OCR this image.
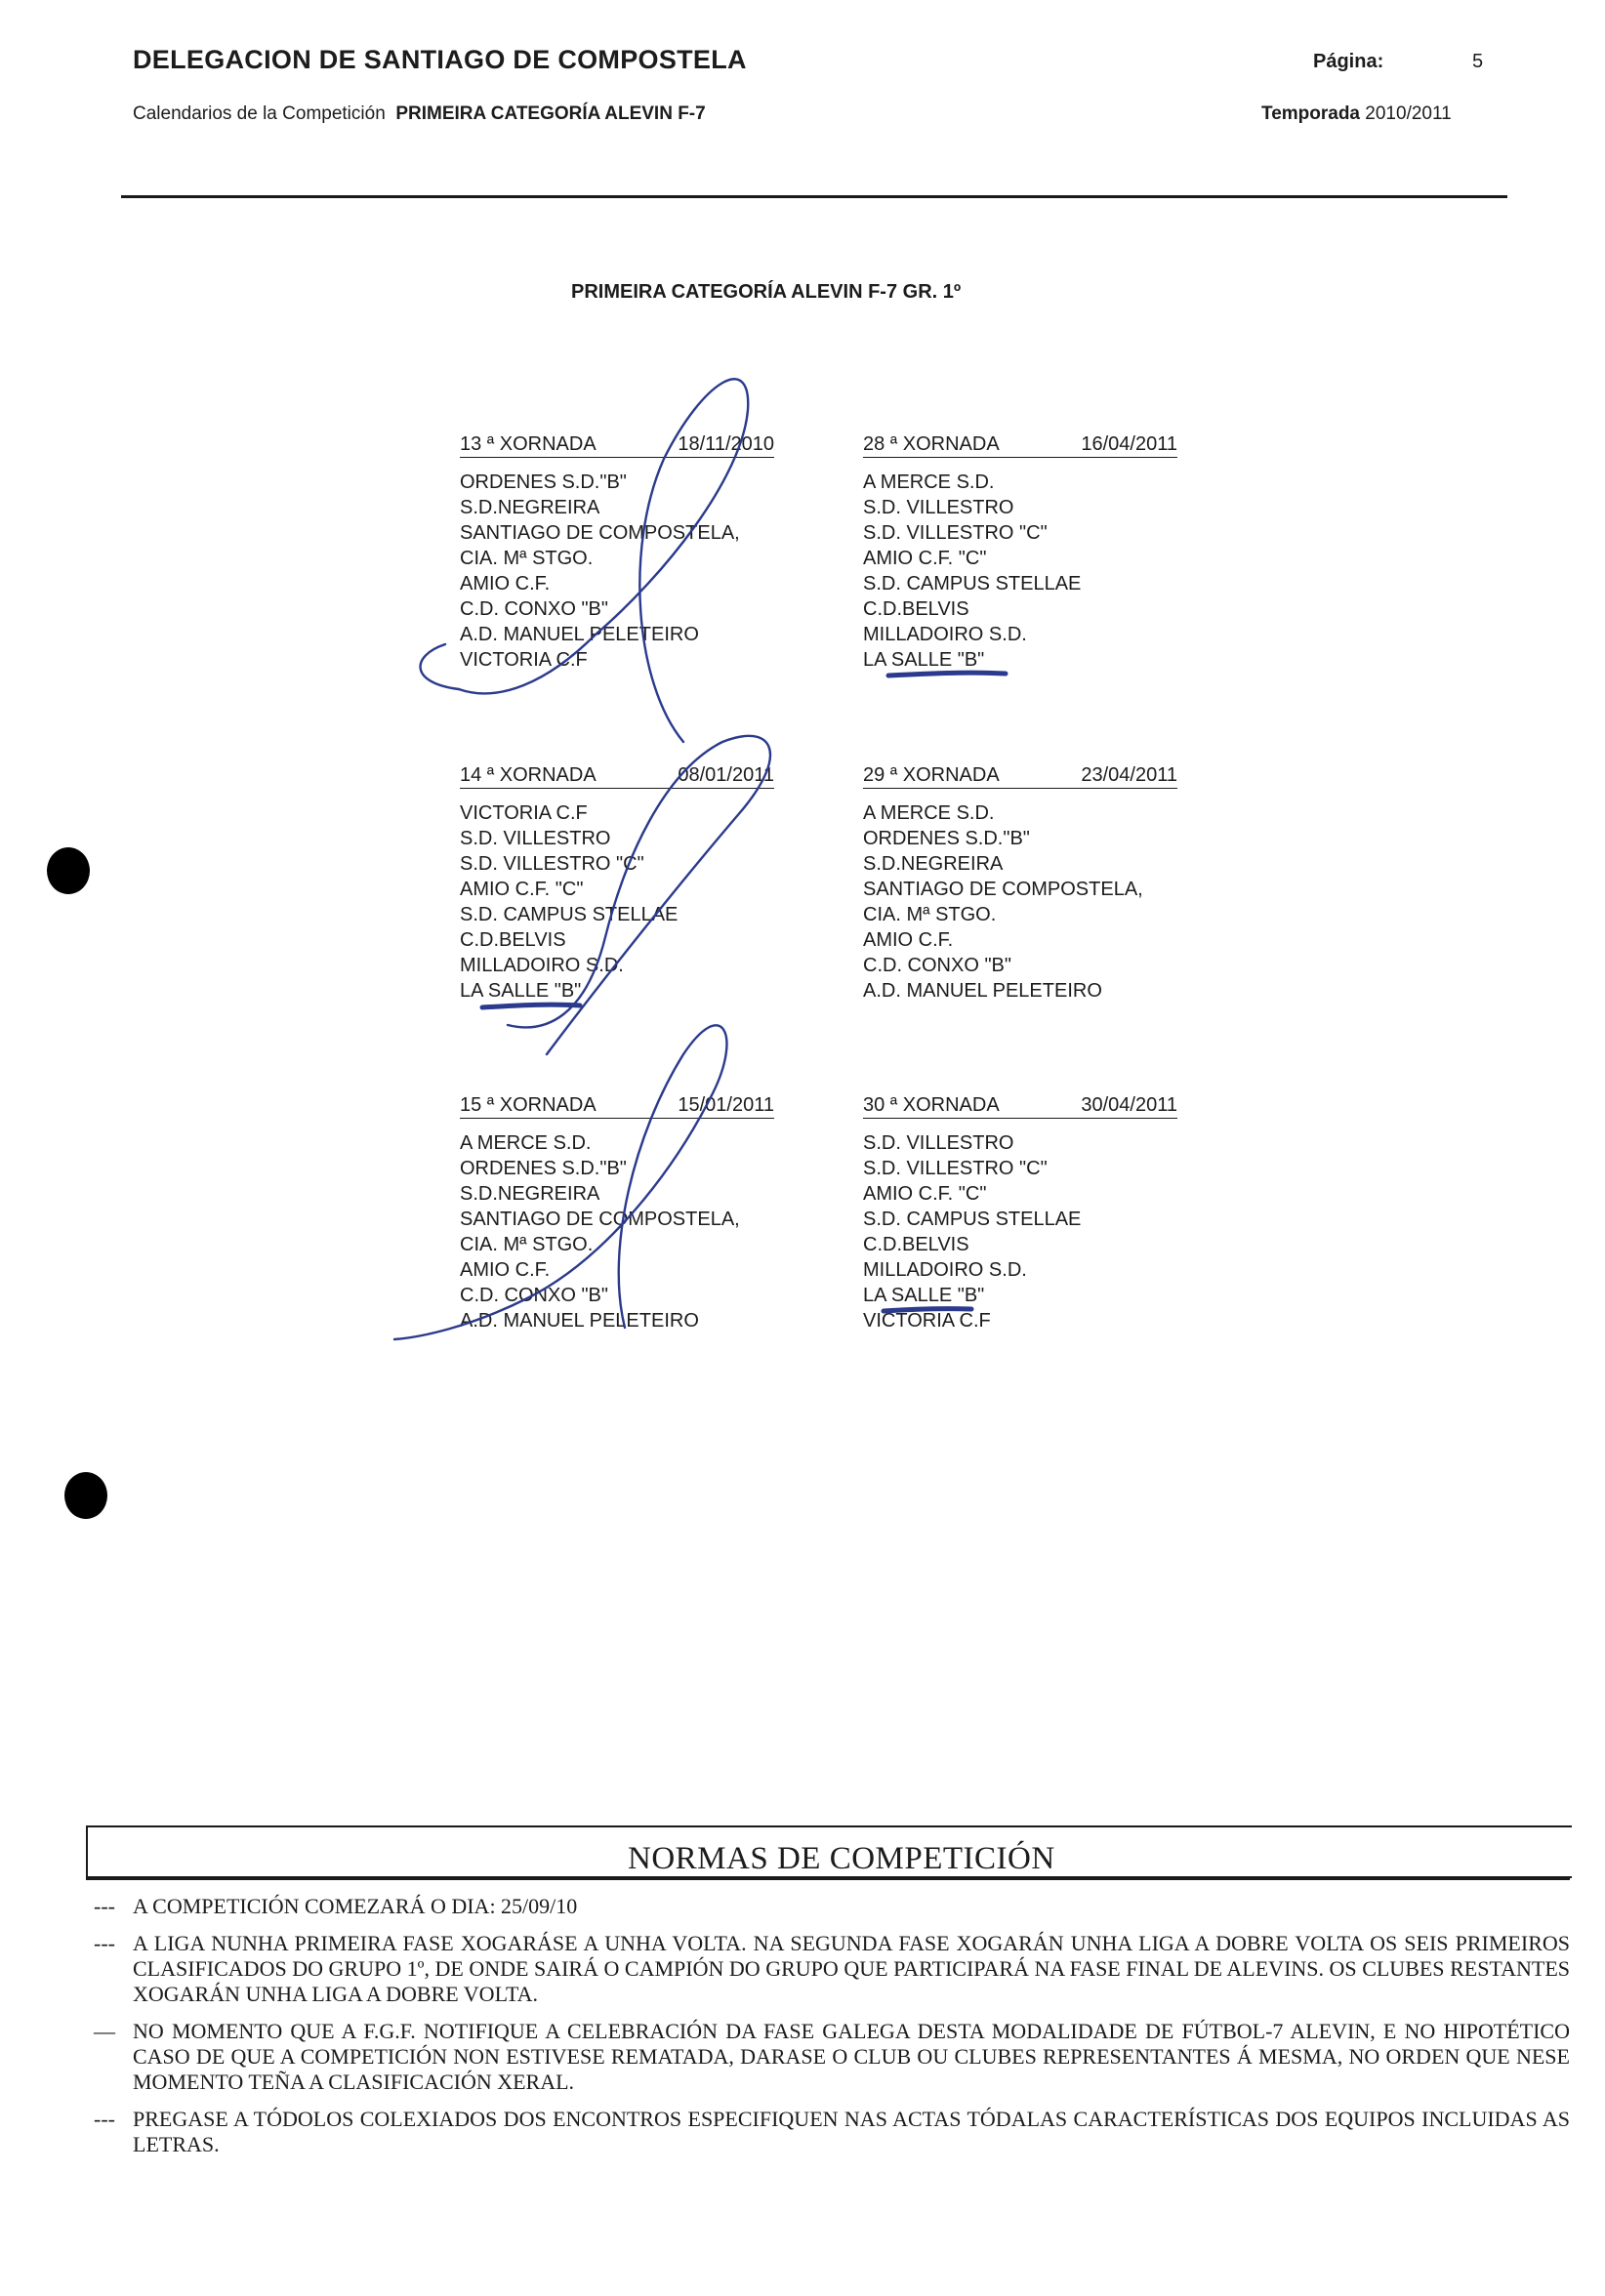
DELEGACION DE SANTIAGO DE COMPOSTELA	Página:	5
Calendarios de la Competición PRIMEIRA CATEGORÍA ALEVIN F-7	Temporada 2010/2011
PRIMEIRA CATEGORÍA ALEVIN F-7 GR. 1º
13 ª XORNADA	18/11/2010
ORDENES S.D."B"
S.D.NEGREIRA
SANTIAGO DE COMPOSTELA,
CIA. Mª STGO.
AMIO C.F.
C.D. CONXO "B"
A.D. MANUEL PELETEIRO
VICTORIA C.F
28 ª XORNADA	16/04/2011
A MERCE S.D.
S.D. VILLESTRO
S.D. VILLESTRO "C"
AMIO C.F. "C"
S.D. CAMPUS STELLAE
C.D.BELVIS
MILLADOIRO S.D.
LA SALLE "B"
14 ª XORNADA	08/01/2011
VICTORIA C.F
S.D. VILLESTRO
S.D. VILLESTRO "C"
AMIO C.F. "C"
S.D. CAMPUS STELLAE
C.D.BELVIS
MILLADOIRO S.D.
LA SALLE "B"
29 ª XORNADA	23/04/2011
A MERCE S.D.
ORDENES S.D."B"
S.D.NEGREIRA
SANTIAGO DE COMPOSTELA,
CIA. Mª STGO.
AMIO C.F.
C.D. CONXO "B"
A.D. MANUEL PELETEIRO
15 ª XORNADA	15/01/2011
A MERCE S.D.
ORDENES S.D."B"
S.D.NEGREIRA
SANTIAGO DE COMPOSTELA,
CIA. Mª STGO.
AMIO C.F.
C.D. CONXO "B"
A.D. MANUEL PELETEIRO
30 ª XORNADA	30/04/2011
S.D. VILLESTRO
S.D. VILLESTRO "C"
AMIO C.F. "C"
S.D. CAMPUS STELLAE
C.D.BELVIS
MILLADOIRO S.D.
LA SALLE "B"
VICTORIA C.F
NORMAS DE COMPETICIÓN
--- A COMPETICIÓN COMEZARÁ O DIA: 25/09/10
--- A LIGA NUNHA PRIMEIRA FASE XOGARÁSE A UNHA VOLTA. NA SEGUNDA FASE XOGARÁN UNHA LIGA A DOBRE VOLTA OS SEIS PRIMEIROS CLASIFICADOS DO GRUPO 1º, DE ONDE SAIRÁ O CAMPIÓN DO GRUPO QUE PARTICIPARÁ NA FASE FINAL DE ALEVINS. OS CLUBES RESTANTES XOGARÁN UNHA LIGA A DOBRE VOLTA.
— NO MOMENTO QUE A F.G.F. NOTIFIQUE A CELEBRACIÓN DA FASE GALEGA DESTA MODALIDADE DE FÚTBOL-7 ALEVIN, E NO HIPOTÉTICO CASO DE QUE A COMPETICIÓN NON ESTIVESE REMATADA, DARASE O CLUB OU CLUBES REPRESENTANTES Á MESMA, NO ORDEN QUE NESE MOMENTO TEÑA A CLASIFICACIÓN XERAL.
--- PREGASE A TÓDOLOS COLEXIADOS DOS ENCONTROS ESPECIFIQUEN NAS ACTAS TÓDALAS CARACTERÍSTICAS DOS EQUIPOS INCLUIDAS AS LETRAS.
